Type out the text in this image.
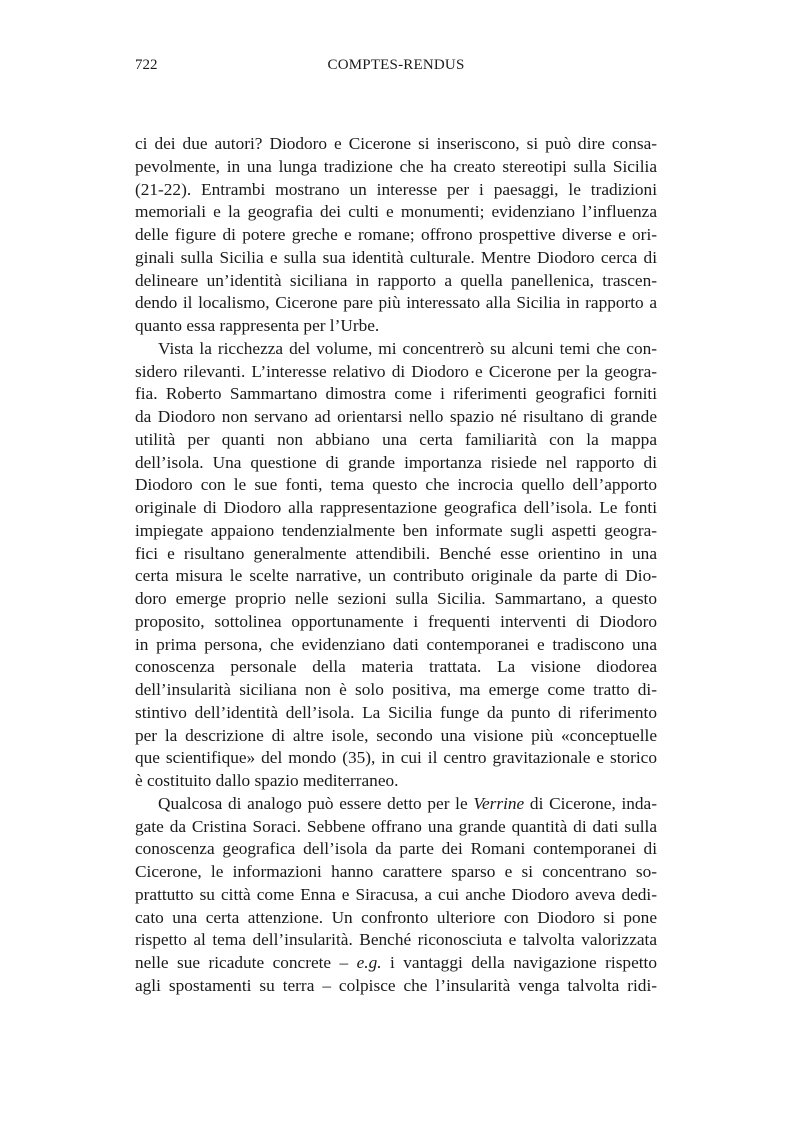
722	COMPTES-RENDUS
ci dei due autori? Diodoro e Cicerone si inseriscono, si può dire consa-
pevolmente, in una lunga tradizione che ha creato stereotipi sulla Sicilia
(21-22). Entrambi mostrano un interesse per i paesaggi, le tradizioni
memoriali e la geografia dei culti e monumenti; evidenziano l’influenza
delle figure di potere greche e romane; offrono prospettive diverse e ori-
ginali sulla Sicilia e sulla sua identità culturale. Mentre Diodoro cerca di
delineare un’identità siciliana in rapporto a quella panellenica, trascen-
dendo il localismo, Cicerone pare più interessato alla Sicilia in rapporto a
quanto essa rappresenta per l’Urbe.
Vista la ricchezza del volume, mi concentrerò su alcuni temi che con-
sidero rilevanti. L’interesse relativo di Diodoro e Cicerone per la geogra-
fia. Roberto Sammartano dimostra come i riferimenti geografici forniti
da Diodoro non servano ad orientarsi nello spazio né risultano di grande
utilità per quanti non abbiano una certa familiarità con la mappa
dell’isola. Una questione di grande importanza risiede nel rapporto di
Diodoro con le sue fonti, tema questo che incrocia quello dell’apporto
originale di Diodoro alla rappresentazione geografica dell’isola. Le fonti
impiegate appaiono tendenzialmente ben informate sugli aspetti geogra-
fici e risultano generalmente attendibili. Benché esse orientino in una
certa misura le scelte narrative, un contributo originale da parte di Dio-
doro emerge proprio nelle sezioni sulla Sicilia. Sammartano, a questo
proposito, sottolinea opportunamente i frequenti interventi di Diodoro
in prima persona, che evidenziano dati contemporanei e tradiscono una
conoscenza personale della materia trattata. La visione diodorea
dell’insularità siciliana non è solo positiva, ma emerge come tratto di-
stintivo dell’identità dell’isola. La Sicilia funge da punto di riferimento
per la descrizione di altre isole, secondo una visione più «conceptuelle
que scientifique» del mondo (35), in cui il centro gravitazionale e storico
è costituito dallo spazio mediterraneo.
Qualcosa di analogo può essere detto per le Verrine di Cicerone, inda-
gate da Cristina Soraci. Sebbene offrano una grande quantità di dati sulla
conoscenza geografica dell’isola da parte dei Romani contemporanei di
Cicerone, le informazioni hanno carattere sparso e si concentrano so-
prattutto su città come Enna e Siracusa, a cui anche Diodoro aveva dedi-
cato una certa attenzione. Un confronto ulteriore con Diodoro si pone
rispetto al tema dell’insularità. Benché riconosciuta e talvolta valorizzata
nelle sue ricadute concrete – e.g. i vantaggi della navigazione rispetto
agli spostamenti su terra – colpisce che l’insularità venga talvolta ridi-
